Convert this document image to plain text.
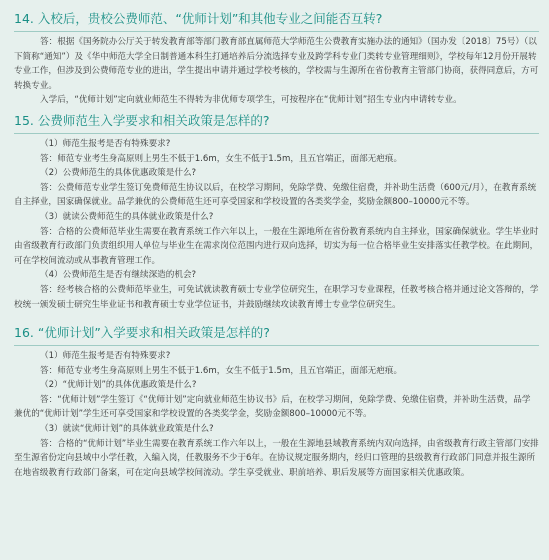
14. 入校后，贵校公费师范、“优师计划”和其他专业之间能否互转?

答：根据《国务院办公厅关于转发教育部等部门教育部直属师范大学师范生公费教育实施办法的通知》（国办发〔2018〕75号）（以下简称“通知”）及《华中师范大学全日制普通本科生打通培养后分流选择专业及跨学科专业门类转专业管理细则》，学校每年12月份开展转专业工作，但涉及到公费师范专业的进出，学生提出申请并通过学校考核的，学校需与生源所在省份教育主管部门协商，获得同意后，方可转换专业。

入学后，“优师计划”定向就业师范生不得转为非优师专项学生，可按程序在“优师计划”招生专业内申请转专业。

15. 公费师范生入学要求和相关政策是怎样的?

（1）师范生报考是否有特殊要求?

答：师范专业考生身高原则上男生不低于1.6m，女生不低于1.5m，且五官端正，面部无疤痕。

（2）公费师范生的具体优惠政策是什么?

答：公费师范专业学生签订免费师范生协议以后，在校学习期间，免除学费、免缴住宿费，并补助生活费（600元/月），在教育系统自主择业，国家确保就业。品学兼优的公费师范生还可享受国家和学校设置的各类奖学金，奖励金额800–10000元不等。

（3）就读公费师范生的具体就业政策是什么?

答：合格的公费师范毕业生需要在教育系统工作六年以上，一般在生源地所在省份教育系统内自主择业，国家确保就业。学生毕业时由省级教育行政部门负责组织用人单位与毕业生在需求岗位范围内进行双向选择，切实为每一位合格毕业生安排落实任教学校。在此期间，可在学校间流动或从事教育管理工作。

（4）公费师范生是否有继续深造的机会?

答：经考核合格的公费师范毕业生，可免试就读教育硕士专业学位研究生，在职学习专业课程，任教考核合格并通过论文答辩的，学校统一颁发硕士研究生毕业证书和教育硕士专业学位证书，并鼓励继续攻读教育博士专业学位研究生。

16. “优师计划”入学要求和相关政策是怎样的?

（1）师范生报考是否有特殊要求?

答：师范专业考生身高原则上男生不低于1.6m，女生不低于1.5m，且五官端正，面部无疤痕。

（2）“优师计划”的具体优惠政策是什么?

答：“优师计划”学生签订《“优师计划”定向就业师范生协议书》后，在校学习期间，免除学费、免缴住宿费，并补助生活费，品学兼优的“优师计划”学生还可享受国家和学校设置的各类奖学金，奖励金额800–10000元不等。

（3）就读“优师计划”的具体就业政策是什么?

答：合格的“优师计划”毕业生需要在教育系统工作六年以上，一般在生源地县域教育系统内双向选择，由省级教育行政主管部门安排至生源省份定向县域中小学任教，入编入岗，任教服务不少于6年。在协议规定服务期内，经归口管理的县级教育行政部门同意并报生源所在地省级教育行政部门备案，可在定向县域学校间流动。学生享受就业、职前培养、职后发展等方面国家相关优惠政策。
